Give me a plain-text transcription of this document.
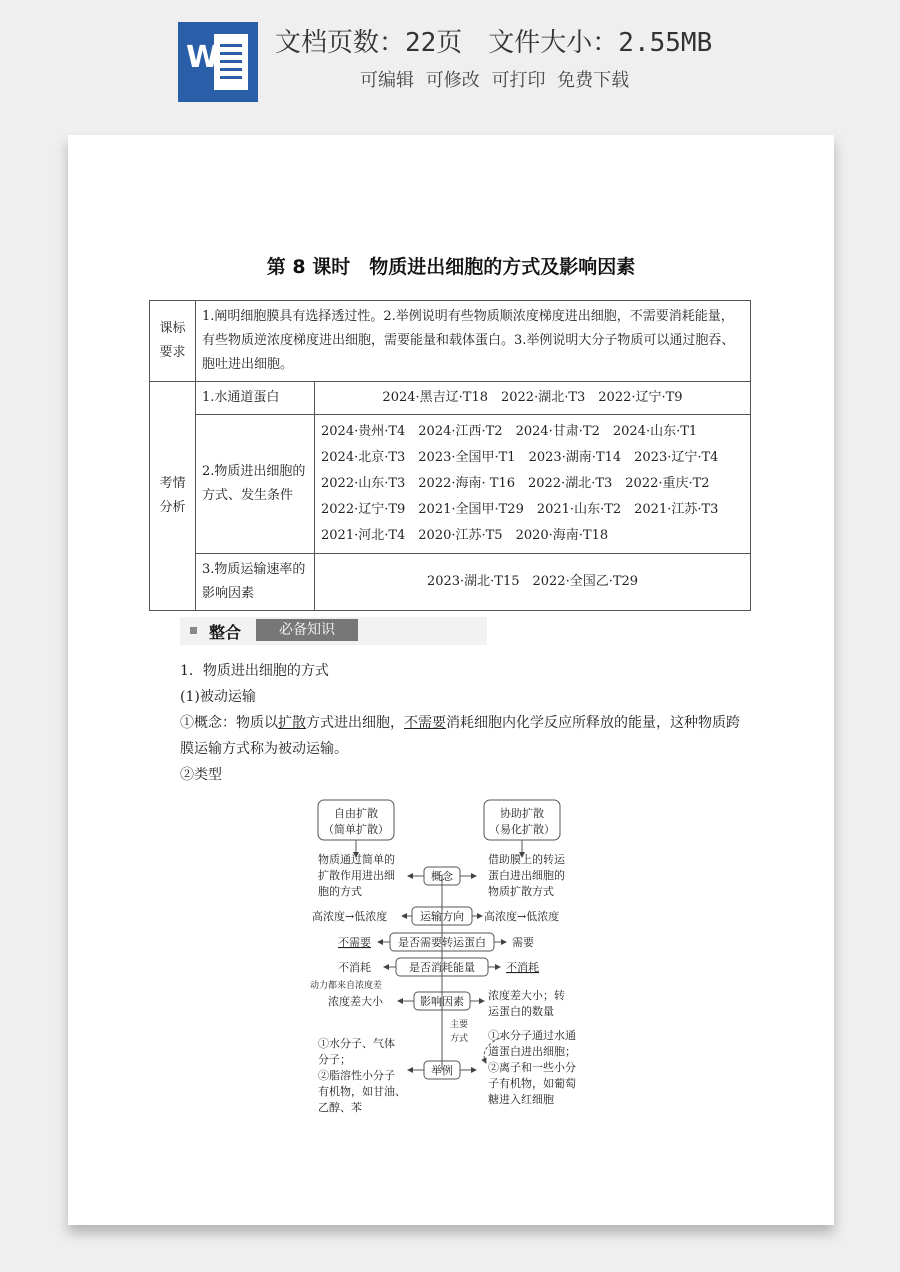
W 文档页数：22页　文件大小：2.55MB
可编辑 可修改 可打印 免费下载
第 8 课时　物质进出细胞的方式及影响因素
课标要求	1.阐明细胞膜具有选择透过性。2.举例说明有些物质顺浓度梯度进出细胞，不需要消耗能量，有些物质逆浓度梯度进出细胞，需要能量和载体蛋白。3.举例说明大分子物质可以通过胞吞、胞吐进出细胞。	
考情分析	1.水通道蛋白	2024·黑吉辽·T18　2022·湖北·T3　2022·辽宁·T9
	2.物质进出细胞的方式、发生条件	2024·贵州·T4　2024·江西·T2　2024·甘肃·T2　2024·山东·T1
2024·北京·T3　2023·全国甲·T1　2023·湖南·T14　2023·辽宁·T4
2022·山东·T3　2022·海南· T16　2022·湖北·T3　2022·重庆·T2
2022·辽宁·T9　2021·全国甲·T29　2021·山东·T2　2021·江苏·T3
2021·河北·T4　2020·江苏·T5　2020·海南·T18

	3.物质运输速率的影响因素	2023·湖北·T15　2022·全国乙·T29
整合	必备知识

1．物质进出细胞的方式

(1)被动运输

①概念：物质以扩散方式进出细胞，不需要消耗细胞内化学反应所释放的能量，这种物质跨膜运输方式称为被动运输。

②类型

自由扩散
（简单扩散）
协助扩散
（易化扩散）
概念
运输方向
是否需要转运蛋白
是否消耗能量
影响因素
举例
物质通过简单的
扩散作用进出细
胞的方式
借助膜上的转运
蛋白进出细胞的
物质扩散方式
高浓度→低浓度	高浓度→低浓度
不需要	需要
不消耗	不消耗
动力都来自浓度差
浓度差大小	浓度差大小；转
运蛋白的数量
主要
方式
①水分子、气体
分子；
②脂溶性小分子
有机物，如甘油、
乙醇、苯
①水分子通过水通
道蛋白进出细胞；
②离子和一些小分
子有机物，如葡萄
糖进入红细胞
